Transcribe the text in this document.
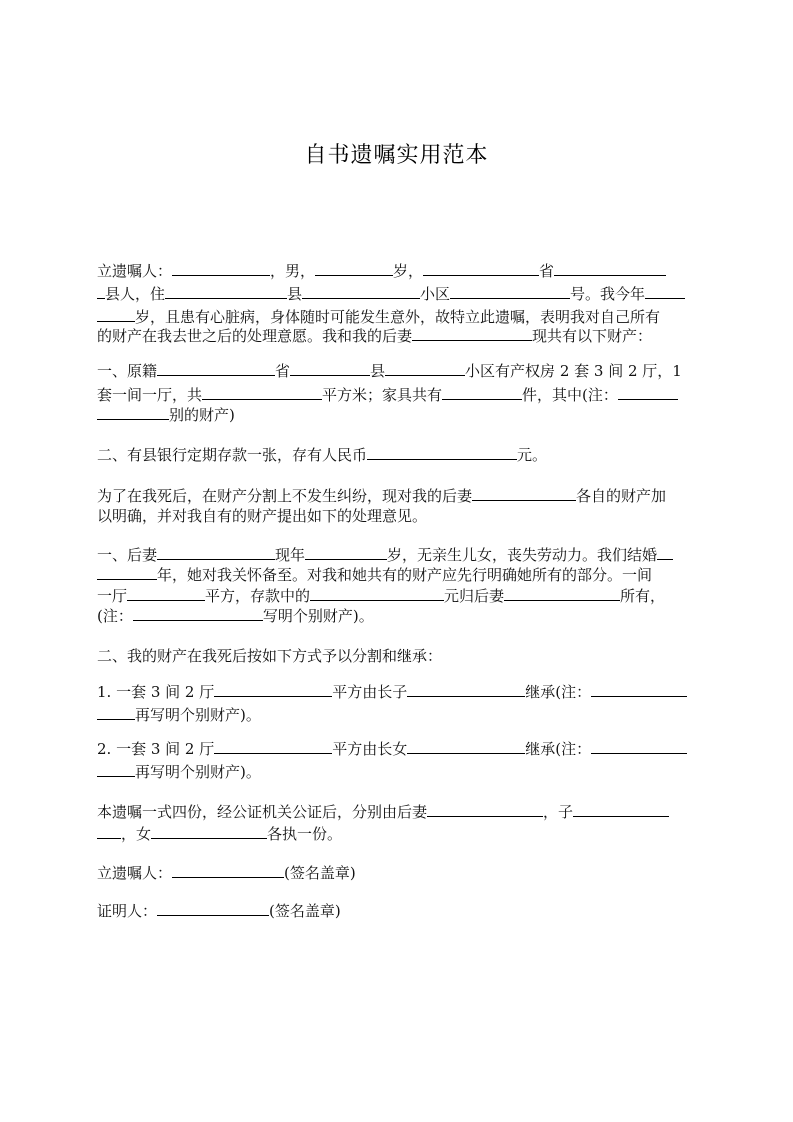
自书遗嘱实用范本
立遗嘱人：	，男，	岁，	省
县人，住	县	小区	号。我今年
岁，且患有心脏病，身体随时可能发生意外，故特立此遗嘱，表明我对自己所有
的财产在我去世之后的处理意愿。我和我的后妻	现共有以下财产：
一、原籍	省	县	小区有产权房 2 套 3 间 2 厅，1
套一间一厅，共	平方米；家具共有	件，其中(注：
别的财产)
二、有县银行定期存款一张，存有人民币	元。
为了在我死后，在财产分割上不发生纠纷，现对我的后妻	各自的财产加
以明确，并对我自有的财产提出如下的处理意见。
一、后妻	现年	岁，无亲生儿女，丧失劳动力。我们结婚
年，她对我关怀备至。对我和她共有的财产应先行明确她所有的部分。一间
一厅	平方，存款中的	元归后妻	所有，
(注：	写明个别财产)。
二、我的财产在我死后按如下方式予以分割和继承：
1. 一套 3 间 2 厅	平方由长子	继承(注：
再写明个别财产)。
2. 一套 3 间 2 厅	平方由长女	继承(注：
再写明个别财产)。
本遗嘱一式四份，经公证机关公证后，分别由后妻	，子
，女	各执一份。
立遗嘱人：	(签名盖章)
证明人：	(签名盖章)
